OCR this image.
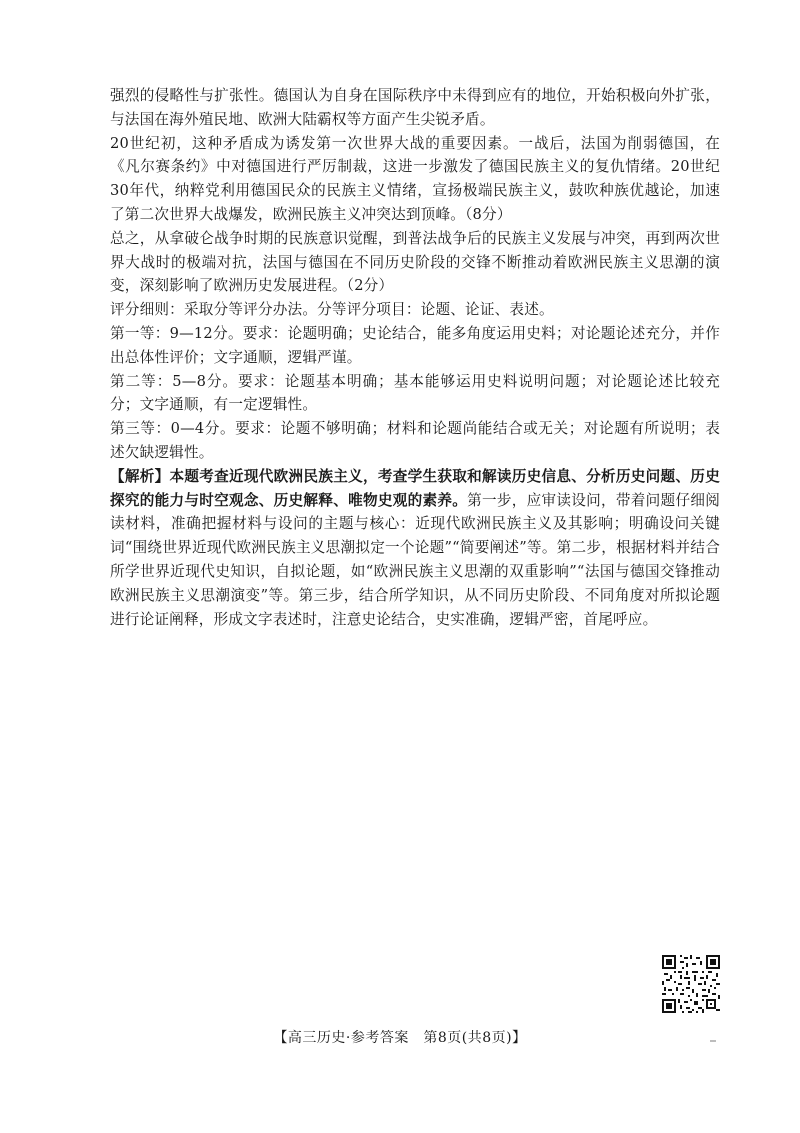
强烈的侵略性与扩张性。德国认为自身在国际秩序中未得到应有的地位，开始积极向外扩张，与法国在海外殖民地、欧洲大陆霸权等方面产生尖锐矛盾。

20世纪初，这种矛盾成为诱发第一次世界大战的重要因素。一战后，法国为削弱德国，在《凡尔赛条约》中对德国进行严厉制裁，这进一步激发了德国民族主义的复仇情绪。20世纪30年代，纳粹党利用德国民众的民族主义情绪，宣扬极端民族主义，鼓吹种族优越论，加速了第二次世界大战爆发，欧洲民族主义冲突达到顶峰。（8分）

总之，从拿破仑战争时期的民族意识觉醒，到普法战争后的民族主义发展与冲突，再到两次世界大战时的极端对抗，法国与德国在不同历史阶段的交锋不断推动着欧洲民族主义思潮的演变，深刻影响了欧洲历史发展进程。（2分）

评分细则：采取分等评分办法。分等评分项目：论题、论证、表述。

第一等：9—12分。要求：论题明确；史论结合，能多角度运用史料；对论题论述充分，并作出总体性评价；文字通顺，逻辑严谨。

第二等：5—8分。要求：论题基本明确；基本能够运用史料说明问题；对论题论述比较充分；文字通顺，有一定逻辑性。

第三等：0—4分。要求：论题不够明确；材料和论题尚能结合或无关；对论题有所说明；表述欠缺逻辑性。

【解析】本题考查近现代欧洲民族主义，考查学生获取和解读历史信息、分析历史问题、历史探究的能力与时空观念、历史解释、唯物史观的素养。第一步，应审读设问，带着问题仔细阅读材料，准确把握材料与设问的主题与核心：近现代欧洲民族主义及其影响；明确设问关键词“围绕世界近现代欧洲民族主义思潮拟定一个论题”“简要阐述”等。第二步，根据材料并结合所学世界近现代史知识，自拟论题，如“欧洲民族主义思潮的双重影响”“法国与德国交锋推动欧洲民族主义思潮演变”等。第三步，结合所学知识，从不同历史阶段、不同角度对所拟论题进行论证阐释，形成文字表述时，注意史论结合，史实准确，逻辑严密，首尾呼应。

【高三历史·参考答案　第8页(共8页)】
